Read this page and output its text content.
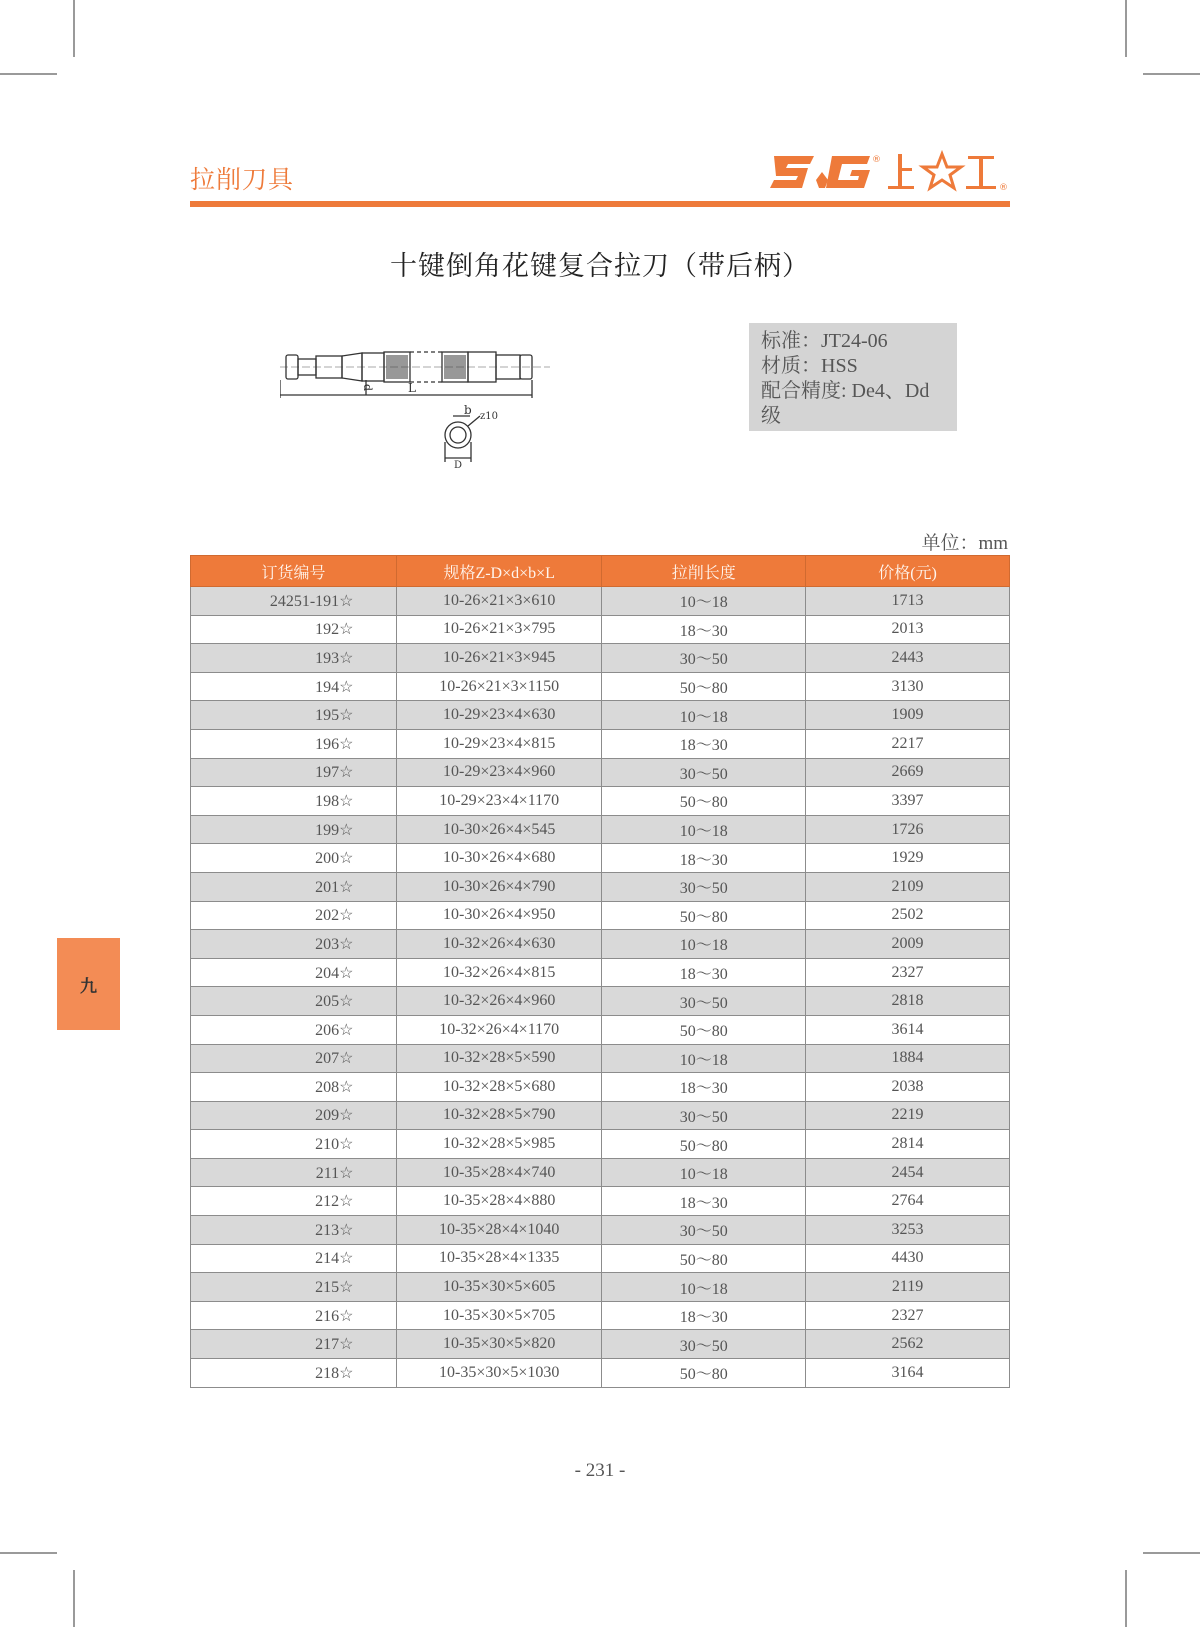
拉削刀具
®
®
十键倒角花键复合拉刀（带后柄）
d	L
b z10
D
标准：JT24-06
材质：HSS
配合精度: De4、Dd级
单位：mm
订货编号	规格Z-D×d×b×L	拉削长度	价格(元)
24251-191☆	10-26×21×3×610	10～18	1713
192☆	10-26×21×3×795	18～30	2013
193☆	10-26×21×3×945	30～50	2443
194☆	10-26×21×3×1150	50～80	3130
195☆	10-29×23×4×630	10～18	1909
196☆	10-29×23×4×815	18～30	2217
197☆	10-29×23×4×960	30～50	2669
198☆	10-29×23×4×1170	50～80	3397
199☆	10-30×26×4×545	10～18	1726
200☆	10-30×26×4×680	18～30	1929
201☆	10-30×26×4×790	30～50	2109
202☆	10-30×26×4×950	50～80	2502
203☆	10-32×26×4×630	10～18	2009
204☆	10-32×26×4×815	18～30	2327
205☆	10-32×26×4×960	30～50	2818
206☆	10-32×26×4×1170	50～80	3614
207☆	10-32×28×5×590	10～18	1884
208☆	10-32×28×5×680	18～30	2038
209☆	10-32×28×5×790	30～50	2219
210☆	10-32×28×5×985	50～80	2814
211☆	10-35×28×4×740	10～18	2454
212☆	10-35×28×4×880	18～30	2764
213☆	10-35×28×4×1040	30～50	3253
214☆	10-35×28×4×1335	50～80	4430
215☆	10-35×30×5×605	10～18	2119
216☆	10-35×30×5×705	18～30	2327
217☆	10-35×30×5×820	30～50	2562
218☆	10-35×30×5×1030	50～80	3164
九
- 231 -
